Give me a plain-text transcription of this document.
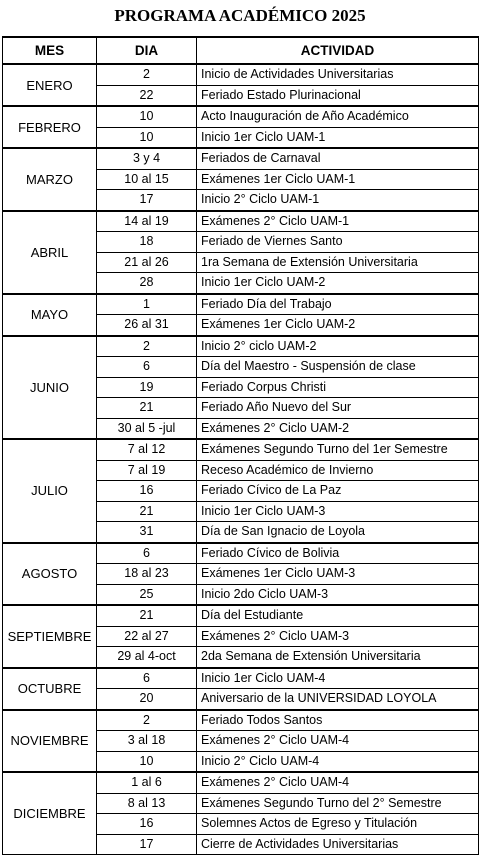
PROGRAMA ACADÉMICO 2025
MES	DIA	ACTIVIDAD
ENERO	2	Inicio de Actividades Universitarias
	22	Feriado Estado Plurinacional
FEBRERO	10	Acto Inauguración de Año Académico
	10	Inicio 1er Ciclo UAM-1
MARZO	3 y 4	Feriados de Carnaval
	10 al 15	Exámenes 1er Ciclo UAM-1
	17	Inicio 2° Ciclo UAM-1
ABRIL	14 al 19	Exámenes 2° Ciclo UAM-1
	18	Feriado de Viernes Santo
	21 al 26	1ra Semana de Extensión Universitaria
	28	Inicio 1er Ciclo UAM-2
MAYO	1	Feriado Día del Trabajo
	26 al 31	Exámenes 1er Ciclo UAM-2
JUNIO	2	Inicio 2° ciclo UAM-2
	6	Día del Maestro - Suspensión de clase
	19	Feriado Corpus Christi
	21	Feriado Año Nuevo del Sur
	30 al 5 -jul	Exámenes 2° Ciclo UAM-2
JULIO	7 al 12	Exámenes Segundo Turno del 1er Semestre
	7 al 19	Receso Académico de Invierno
	16	Feriado Cívico de La Paz
	21	Inicio 1er Ciclo UAM-3
	31	Día de San Ignacio de Loyola
AGOSTO	6	Feriado Cívico de Bolivia
	18 al 23	Exámenes 1er Ciclo UAM-3
	25	Inicio 2do Ciclo UAM-3
SEPTIEMBRE	21	Día del Estudiante
	22 al 27	Exámenes 2° Ciclo UAM-3
	29 al 4-oct	2da Semana de Extensión Universitaria
OCTUBRE	6	Inicio 1er Ciclo UAM-4
	20	Aniversario de la UNIVERSIDAD LOYOLA
NOVIEMBRE	2	Feriado Todos Santos
	3 al 18	Exámenes 2° Ciclo UAM-4
	10	Inicio 2° Ciclo UAM-4
DICIEMBRE	1 al 6	Exámenes 2° Ciclo UAM-4
	8 al 13	Exámenes Segundo Turno del 2° Semestre
	16	Solemnes Actos de Egreso y Titulación
	17	Cierre de Actividades Universitarias
